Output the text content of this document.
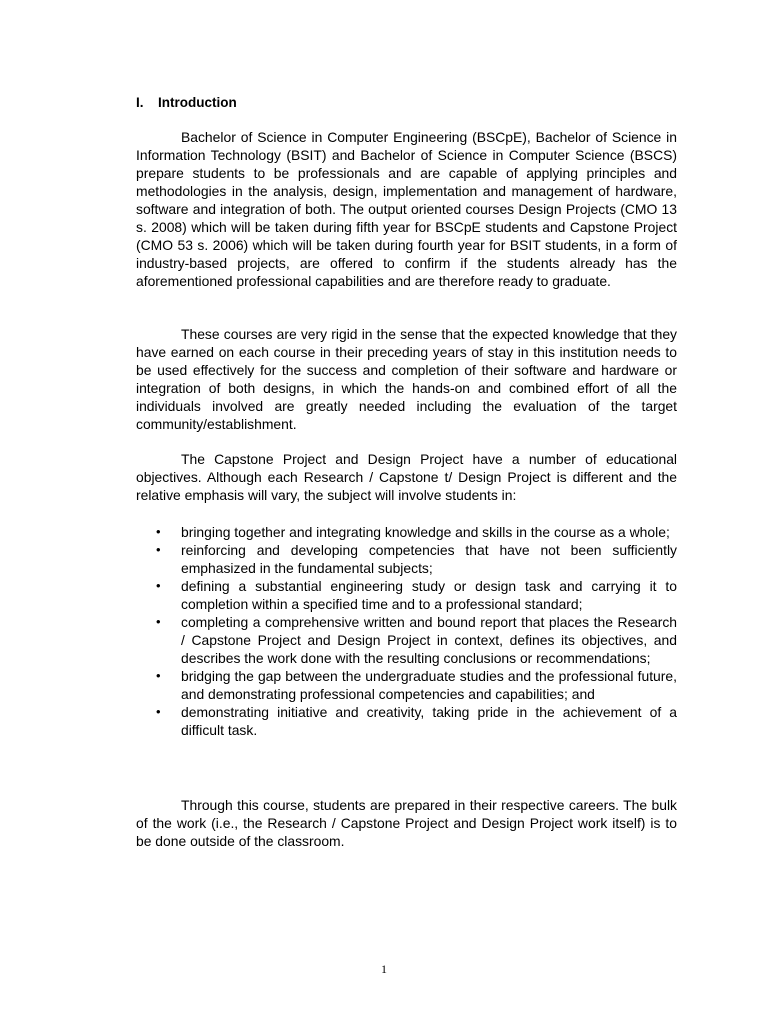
I. Introduction

Bachelor of Science in Computer Engineering (BSCpE), Bachelor of Science in Information Technology (BSIT) and Bachelor of Science in Computer Science (BSCS) prepare students to be professionals and are capable of applying principles and methodologies in the analysis, design, implementation and management of hardware, software and integration of both. The output oriented courses Design Projects (CMO 13 s. 2008) which will be taken during fifth year for BSCpE students and Capstone Project (CMO 53 s. 2006) which will be taken during fourth year for BSIT students, in a form of industry-based projects, are offered to confirm if the students already has the aforementioned professional capabilities and are therefore ready to graduate.

These courses are very rigid in the sense that the expected knowledge that they have earned on each course in their preceding years of stay in this institution needs to be used effectively for the success and completion of their software and hardware or integration of both designs, in which the hands-on and combined effort of all the individuals involved are greatly needed including the evaluation of the target community/establishment.

The Capstone Project and Design Project have a number of educational objectives. Although each Research / Capstone t/ Design Project is different and the relative emphasis will vary, the subject will involve students in:

• bringing together and integrating knowledge and skills in the course as a whole;
• reinforcing and developing competencies that have not been sufficiently emphasized in the fundamental subjects;
• defining a substantial engineering study or design task and carrying it to completion within a specified time and to a professional standard;
• completing a comprehensive written and bound report that places the Research / Capstone Project and Design Project in context, defines its objectives, and describes the work done with the resulting conclusions or recommendations;
• bridging the gap between the undergraduate studies and the professional future, and demonstrating professional competencies and capabilities; and
• demonstrating initiative and creativity, taking pride in the achievement of a difficult task.

Through this course, students are prepared in their respective careers. The bulk of the work (i.e., the Research / Capstone Project and Design Project work itself) is to be done outside of the classroom.

1
